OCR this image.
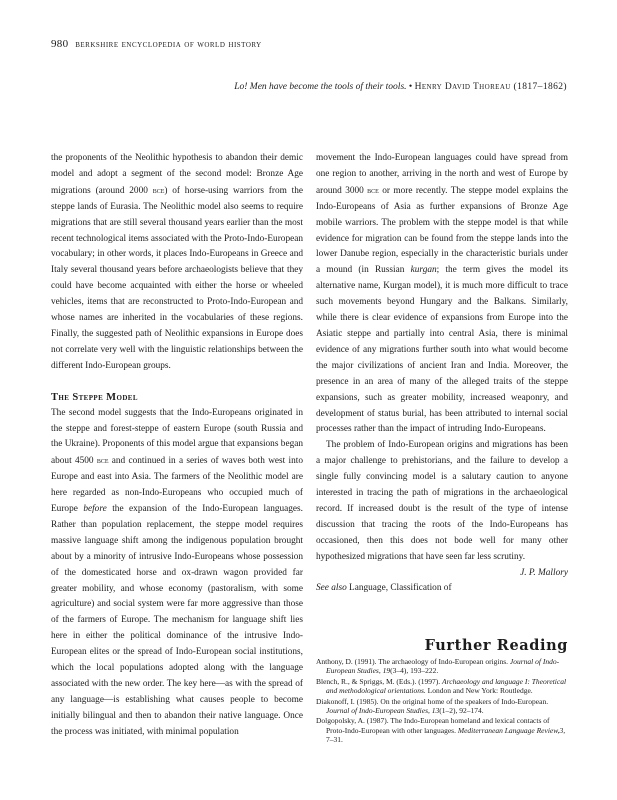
980 berkshire encyclopedia of world history
Lo! Men have become the tools of their tools. • Henry David Thoreau (1817–1862)

the proponents of the Neolithic hypothesis to abandon their demic model and adopt a segment of the second model: Bronze Age migrations (around 2000 bce) of horse-using warriors from the steppe lands of Eurasia. The Neolithic model also seems to require migrations that are still several thousand years earlier than the most recent technological items associated with the Proto-Indo-European vocabulary; in other words, it places Indo-Europeans in Greece and Italy several thousand years before archaeologists believe that they could have become acquainted with either the horse or wheeled vehicles, items that are reconstructed to Proto-Indo-European and whose names are inherited in the vocabularies of these regions. Finally, the suggested path of Neolithic expansions in Europe does not correlate very well with the linguistic relationships between the different Indo-European groups.

The Steppe Model

The second model suggests that the Indo-Europeans originated in the steppe and forest-steppe of eastern Europe (south Russia and the Ukraine). Proponents of this model argue that expansions began about 4500 bce and continued in a series of waves both west into Europe and east into Asia. The farmers of the Neolithic model are here regarded as non-Indo-Europeans who occupied much of Europe before the expansion of the Indo-European languages. Rather than population replacement, the steppe model requires massive language shift among the indigenous population brought about by a minority of intrusive Indo-Europeans whose possession of the domesticated horse and ox-drawn wagon provided far greater mobility, and whose economy (pastoralism, with some agriculture) and social system were far more aggressive than those of the farmers of Europe. The mechanism for language shift lies here in either the political dominance of the intrusive Indo-European elites or the spread of Indo-European social institutions, which the local populations adopted along with the language associated with the new order. The key here—as with the spread of any language—is establishing what causes people to become initially bilingual and then to abandon their native language. Once the process was initiated, with minimal population

movement the Indo-European languages could have spread from one region to another, arriving in the north and west of Europe by around 3000 bce or more recently. The steppe model explains the Indo-Europeans of Asia as further expansions of Bronze Age mobile warriors. The problem with the steppe model is that while evidence for migration can be found from the steppe lands into the lower Danube region, especially in the characteristic burials under a mound (in Russian kurgan; the term gives the model its alternative name, Kurgan model), it is much more difficult to trace such movements beyond Hungary and the Balkans. Similarly, while there is clear evidence of expansions from Europe into the Asiatic steppe and partially into central Asia, there is minimal evidence of any migrations further south into what would become the major civilizations of ancient Iran and India. Moreover, the presence in an area of many of the alleged traits of the steppe expansions, such as greater mobility, increased weaponry, and development of status burial, has been attributed to internal social processes rather than the impact of intruding Indo-Europeans.

The problem of Indo-European origins and migrations has been a major challenge to prehistorians, and the failure to develop a single fully convincing model is a salutary caution to anyone interested in tracing the path of migrations in the archaeological record. If increased doubt is the result of the type of intense discussion that tracing the roots of the Indo-Europeans has occasioned, then this does not bode well for many other hypothesized migrations that have seen far less scrutiny.

J. P. Mallory

See also Language, Classification of

Further Reading

Anthony, D. (1991). The archaeology of Indo-European origins. Journal of Indo-European Studies, 19(3–4), 193–222.

Blench, R., & Spriggs, M. (Eds.). (1997). Archaeology and language I: Theoretical and methodological orientations. London and New York: Routledge.

Diakonoff, I. (1985). On the original home of the speakers of Indo-European. Journal of Indo-European Studies, 13(1–2), 92–174.

Dolgopolsky, A. (1987). The Indo-European homeland and lexical contacts of Proto-Indo-European with other languages. Mediterranean Language Review,3, 7–31.
